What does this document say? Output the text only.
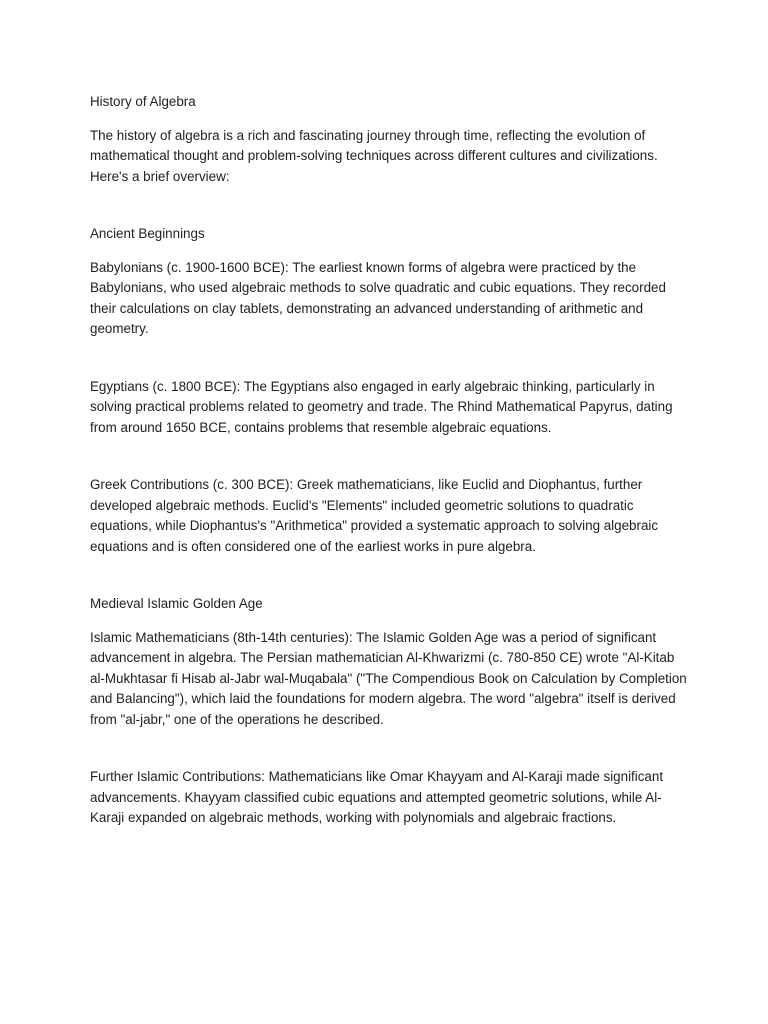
History of Algebra

The history of algebra is a rich and fascinating journey through time, reflecting the evolution of mathematical thought and problem-solving techniques across different cultures and civilizations. Here's a brief overview:

Ancient Beginnings

Babylonians (c. 1900-1600 BCE): The earliest known forms of algebra were practiced by the Babylonians, who used algebraic methods to solve quadratic and cubic equations. They recorded their calculations on clay tablets, demonstrating an advanced understanding of arithmetic and geometry.

Egyptians (c. 1800 BCE): The Egyptians also engaged in early algebraic thinking, particularly in solving practical problems related to geometry and trade. The Rhind Mathematical Papyrus, dating from around 1650 BCE, contains problems that resemble algebraic equations.

Greek Contributions (c. 300 BCE): Greek mathematicians, like Euclid and Diophantus, further developed algebraic methods. Euclid's "Elements" included geometric solutions to quadratic equations, while Diophantus's "Arithmetica" provided a systematic approach to solving algebraic equations and is often considered one of the earliest works in pure algebra.

Medieval Islamic Golden Age

Islamic Mathematicians (8th-14th centuries): The Islamic Golden Age was a period of significant advancement in algebra. The Persian mathematician Al-Khwarizmi (c. 780-850 CE) wrote "Al-Kitab al-Mukhtasar fi Hisab al-Jabr wal-Muqabala" ("The Compendious Book on Calculation by Completion and Balancing"), which laid the foundations for modern algebra. The word "algebra" itself is derived from "al-jabr," one of the operations he described.

Further Islamic Contributions: Mathematicians like Omar Khayyam and Al-Karaji made significant advancements. Khayyam classified cubic equations and attempted geometric solutions, while Al-Karaji expanded on algebraic methods, working with polynomials and algebraic fractions.
